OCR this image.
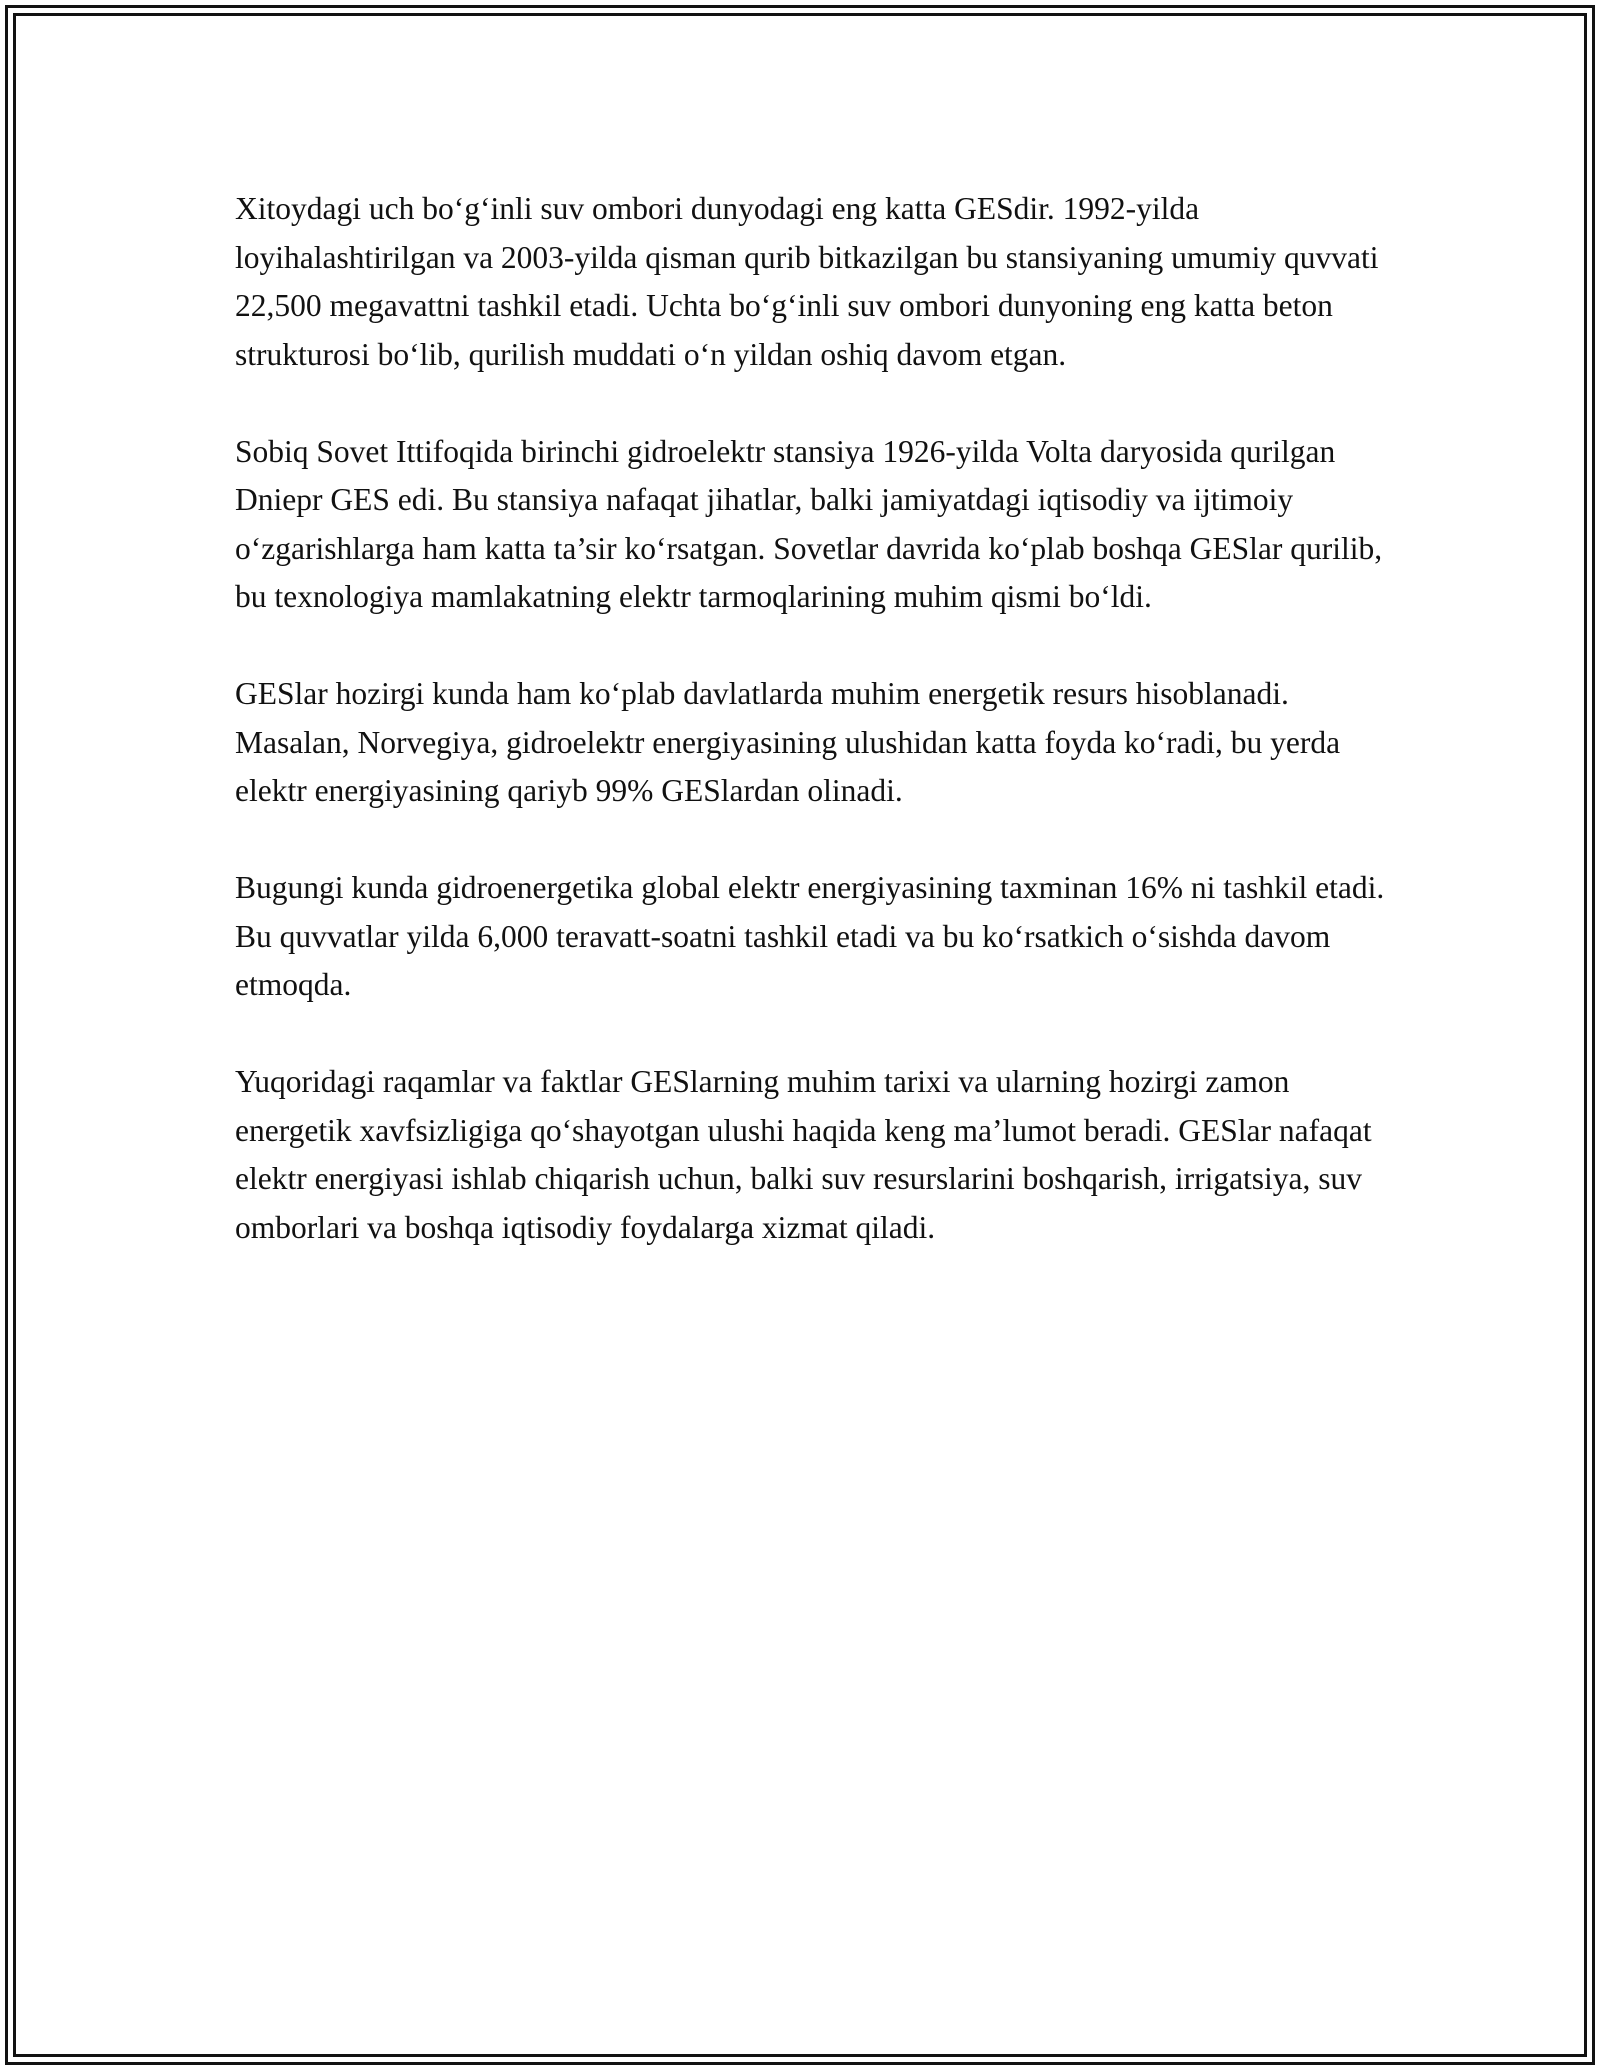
Xitoydagi uch bo‘g‘inli suv ombori dunyodagi eng katta GESdir. 1992-yilda loyihalashtirilgan va 2003-yilda qisman qurib bitkazilgan bu stansiyaning umumiy quvvati 22,500 megavattni tashkil etadi. Uchta bo‘g‘inli suv ombori dunyoning eng katta beton strukturosi bo‘lib, qurilish muddati o‘n yildan oshiq davom etgan.

Sobiq Sovet Ittifoqida birinchi gidroelektr stansiya 1926-yilda Volta daryosida qurilgan Dniepr GES edi. Bu stansiya nafaqat jihatlar, balki jamiyatdagi iqtisodiy va ijtimoiy o‘zgarishlarga ham katta ta’sir ko‘rsatgan. Sovetlar davrida ko‘plab boshqa GESlar qurilib, bu texnologiya mamlakatning elektr tarmoqlarining muhim qismi bo‘ldi.

GESlar hozirgi kunda ham ko‘plab davlatlarda muhim energetik resurs hisoblanadi. Masalan, Norvegiya, gidroelektr energiyasining ulushidan katta foyda ko‘radi, bu yerda elektr energiyasining qariyb 99% GESlardan olinadi.

Bugungi kunda gidroenergetika global elektr energiyasining taxminan 16% ni tashkil etadi. Bu quvvatlar yilda 6,000 teravatt-soatni tashkil etadi va bu ko‘rsatkich o‘sishda davom etmoqda.

Yuqoridagi raqamlar va faktlar GESlarning muhim tarixi va ularning hozirgi zamon energetik xavfsizligiga qo‘shayotgan ulushi haqida keng ma’lumot beradi. GESlar nafaqat elektr energiyasi ishlab chiqarish uchun, balki suv resurslarini boshqarish, irrigatsiya, suv omborlari va boshqa iqtisodiy foydalarga xizmat qiladi.
